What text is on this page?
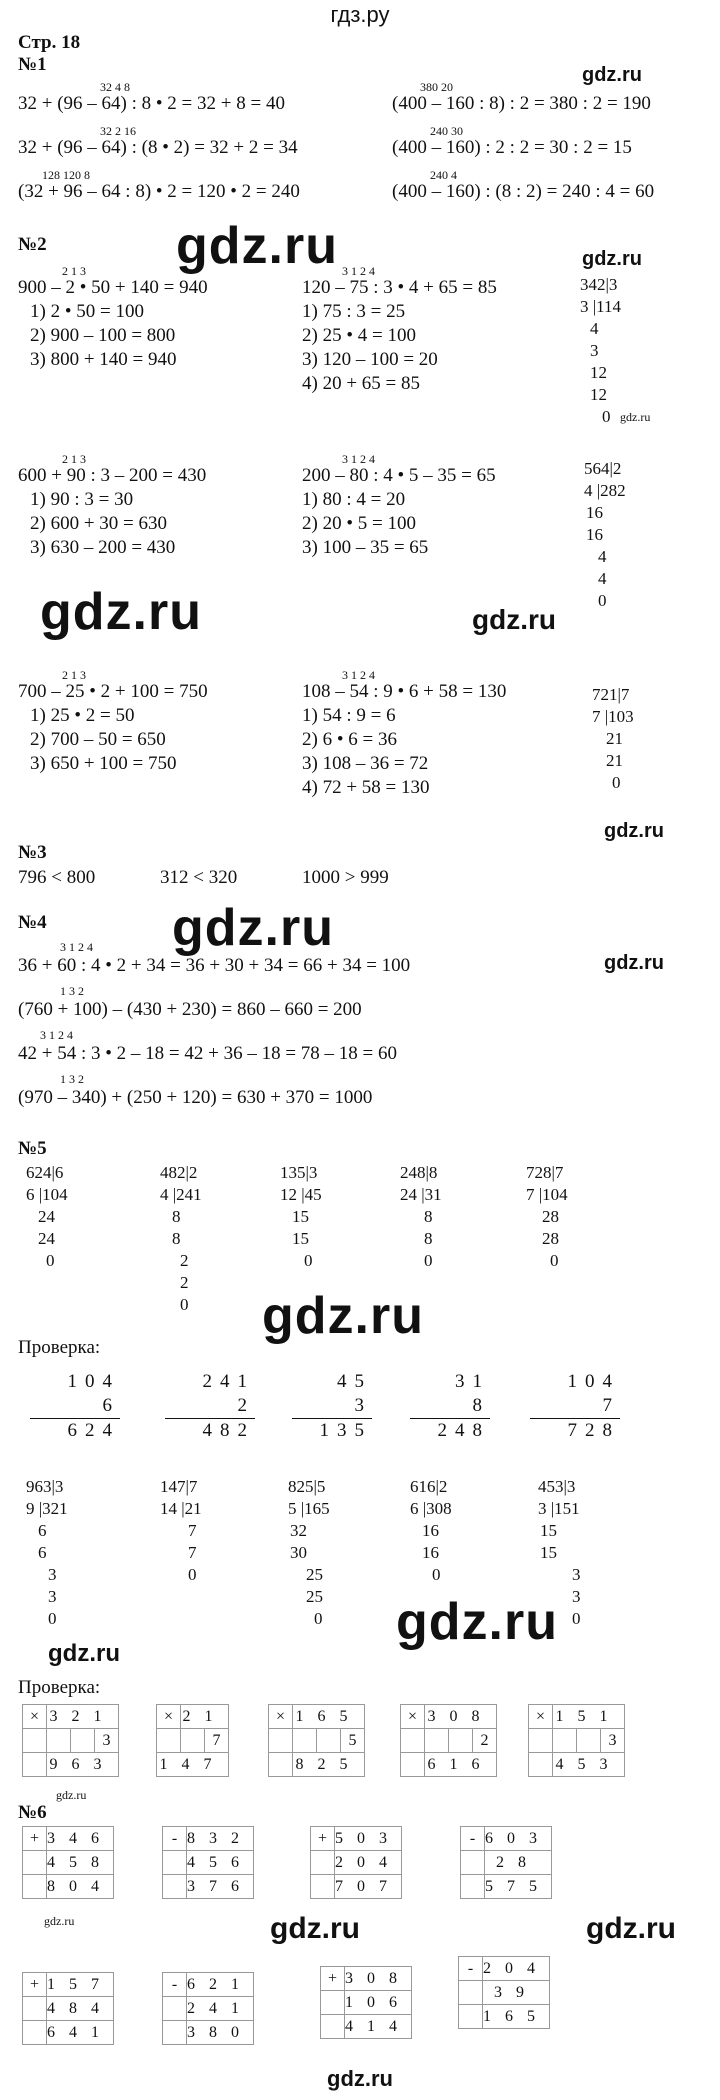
гдз.ру
Стр. 18
№1
32 4 8
32 + (96 – 64) : 8 • 2 = 32 + 8 = 40
32 2 16
32 + (96 – 64) : (8 • 2) = 32 + 2 = 34
128 120 8
(32 + 96 – 64 : 8) • 2 = 120 • 2 = 240
380 20
(400 – 160 : 8) : 2 = 380 : 2 = 190
240 30
(400 – 160) : 2 : 2 = 30 : 2 = 15
240 4
(400 – 160) : (8 : 2) = 240 : 4 = 60
gdz.ru
№2 gdz.ru	gdz.ru
2 1 3
900 – 2 • 50 + 140 = 940
1) 2 • 50 = 100
2) 900 – 100 = 800
3) 800 + 140 = 940
3 1 2 4
120 – 75 : 3 • 4 + 65 = 85
1) 75 : 3 = 25
2) 25 • 4 = 100
3) 120 – 100 = 20
4) 20 + 65 = 85
342|3
3 |114
4
3
12
12
0 gdz.ru
2 1 3
600 + 90 : 3 – 200 = 430
1) 90 : 3 = 30
2) 600 + 30 = 630
3) 630 – 200 = 430
3 1 2 4
200 – 80 : 4 • 5 – 35 = 65
1) 80 : 4 = 20
2) 20 • 5 = 100
3) 100 – 35 = 65
564|2
4 |282
16
16
4
4
0
gdz.ru	gdz.ru
2 1 3
700 – 25 • 2 + 100 = 750
1) 25 • 2 = 50
2) 700 – 50 = 650
3) 650 + 100 = 750
3 1 2 4
108 – 54 : 9 • 6 + 58 = 130
1) 54 : 9 = 6
2) 6 • 6 = 36
3) 108 – 36 = 72
4) 72 + 58 = 130
721|7
7 |103
21
21
0
gdz.ru
№3
796 < 800	312 < 320	1000 > 999
№4 gdz.ru
gdz.ru
3 1 2 4
36 + 60 : 4 • 2 + 34 = 36 + 30 + 34 = 66 + 34 = 100
1 3 2
(760 + 100) – (430 + 230) = 860 – 660 = 200
3 1 2 4
42 + 54 : 3 • 2 – 18 = 42 + 36 – 18 = 78 – 18 = 60
1 3 2
(970 – 340) + (250 + 120) = 630 + 370 = 1000
№5
624|6
6 |104
24
24
0
482|2
4 |241
8
8
2
2
0
135|3
12 |45
15
15
0
248|8
24 |31
8
8
0
728|7
7 |104
28
28
0
gdz.ru
Проверка:
104
6
624
241
2
482
45
3
135
31
8
248
104
7
728
963|3
9 |321
6
6
3
3
0
147|7
14 |21
7
7
0
825|5
5 |165
32
30
25
25
0
616|2
6 |308
16
16
0
453|3
3 |151
15
15
3
3
0
gdz.ru
gdz.ru
Проверка:
×	321		
			3
	963		
×	21	
		7
147		
×	165		
			5
	825		
×	308		
			2
	616		
×	151		
			3
	453		
gdz.ru
№6
+	346
	458
	804
-	832
	456
	376
+	503
	204
	707
-	603
	28
	575
gdz.ru	gdz.ru	gdz.ru
+	157
	484
	641
-	621
	241
	380
+	308
	106
	414
-	204
	39
	165
gdz.ru
